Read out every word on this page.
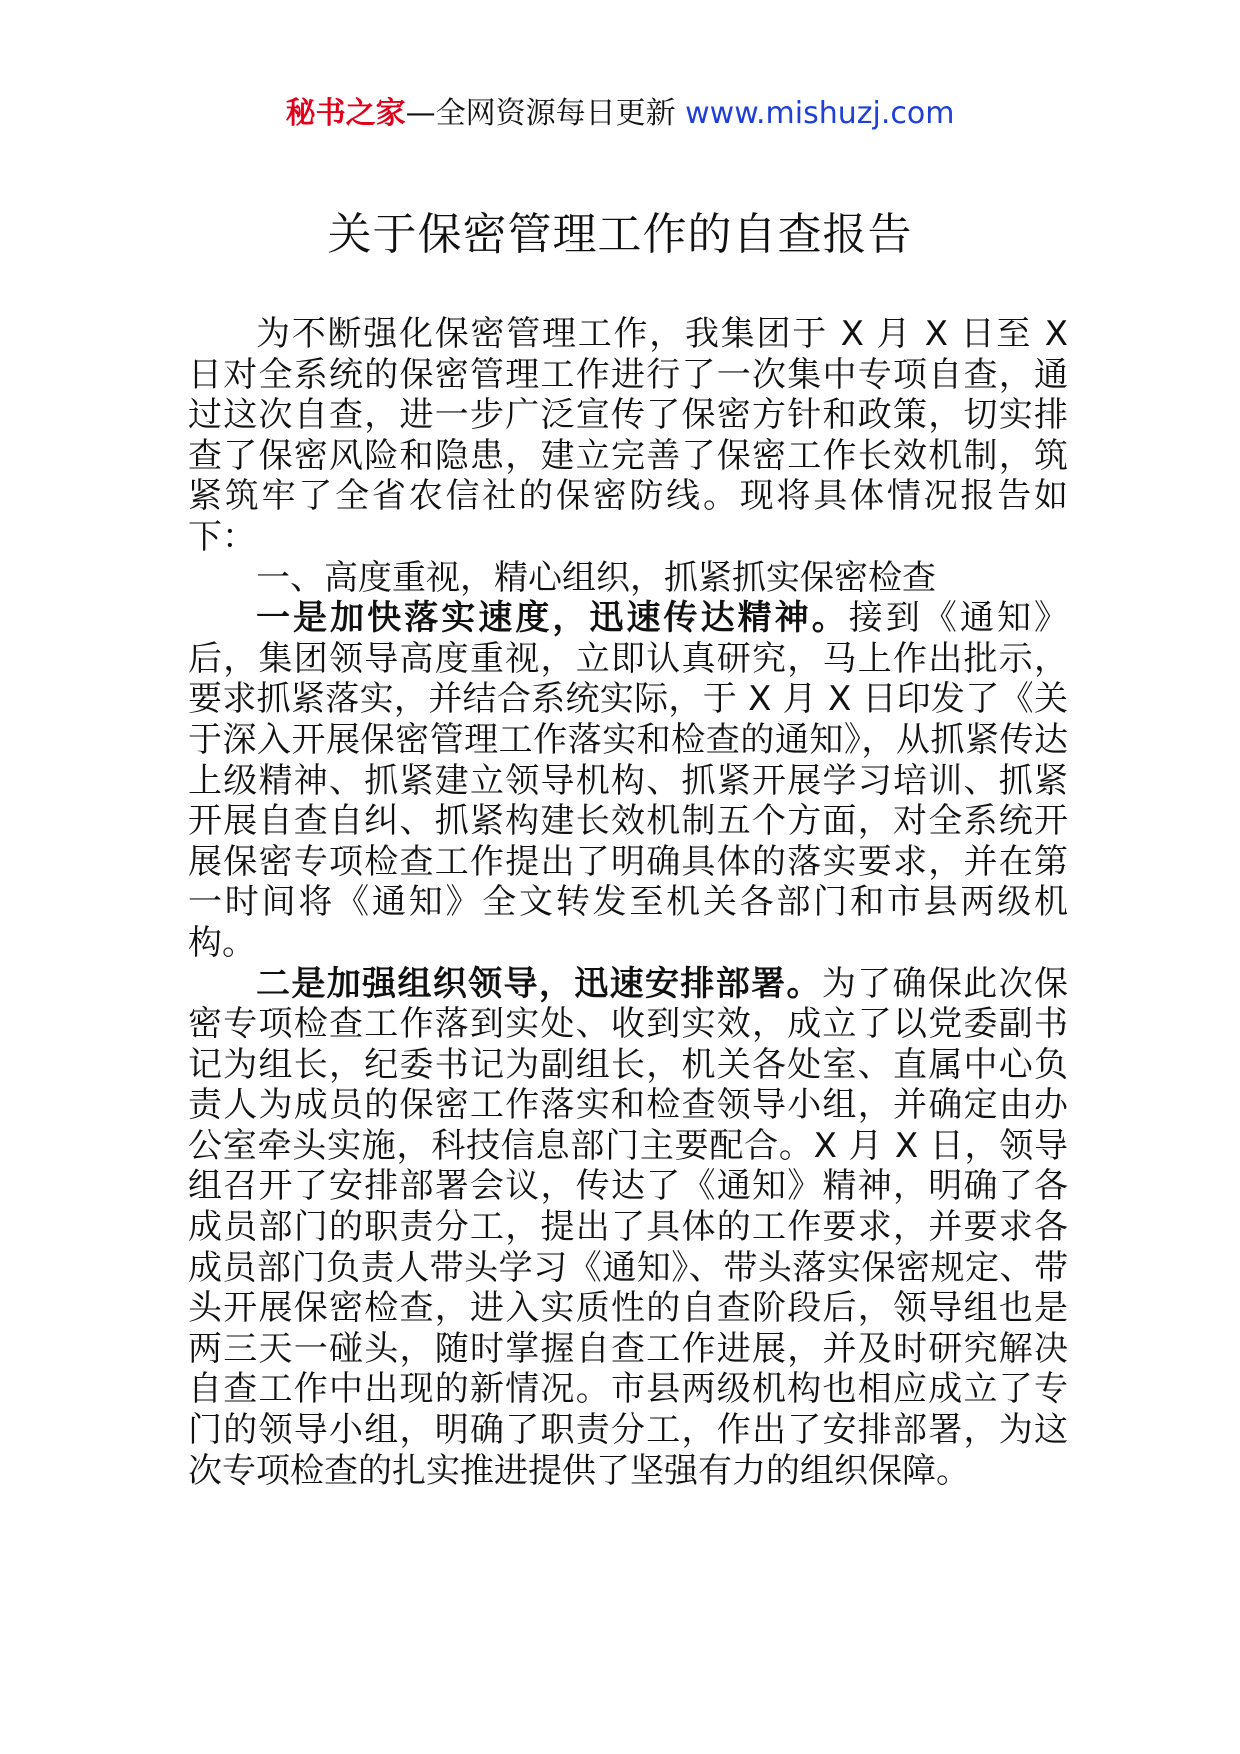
秘书之家—全网资源每日更新 www.mishuzj.com
关于保密管理工作的自查报告

为不断强化保密管理工作，我集团于 X 月 X 日至 X 日对全系统的保密管理工作进行了一次集中专项自查，通过这次自查，进一步广泛宣传了保密方针和政策，切实排查了保密风险和隐患，建立完善了保密工作长效机制，筑紧筑牢了全省农信社的保密防线。现将具体情况报告如下：

一、高度重视，精心组织，抓紧抓实保密检查

一是加快落实速度，迅速传达精神。接到《通知》后，集团领导高度重视，立即认真研究，马上作出批示，要求抓紧落实，并结合系统实际，于 X 月 X 日印发了《关于深入开展保密管理工作落实和检查的通知》，从抓紧传达上级精神、抓紧建立领导机构、抓紧开展学习培训、抓紧开展自查自纠、抓紧构建长效机制五个方面，对全系统开展保密专项检查工作提出了明确具体的落实要求，并在第一时间将《通知》全文转发至机关各部门和市县两级机构。

二是加强组织领导，迅速安排部署。为了确保此次保密专项检查工作落到实处、收到实效，成立了以党委副书记为组长，纪委书记为副组长，机关各处室、直属中心负责人为成员的保密工作落实和检查领导小组，并确定由办公室牵头实施，科技信息部门主要配合。X 月 X 日，领导组召开了安排部署会议，传达了《通知》精神，明确了各成员部门的职责分工，提出了具体的工作要求，并要求各成员部门负责人带头学习《通知》、带头落实保密规定、带头开展保密检查，进入实质性的自查阶段后，领导组也是两三天一碰头，随时掌握自查工作进展，并及时研究解决自查工作中出现的新情况。市县两级机构也相应成立了专门的领导小组，明确了职责分工，作出了安排部署，为这次专项检查的扎实推进提供了坚强有力的组织保障。
